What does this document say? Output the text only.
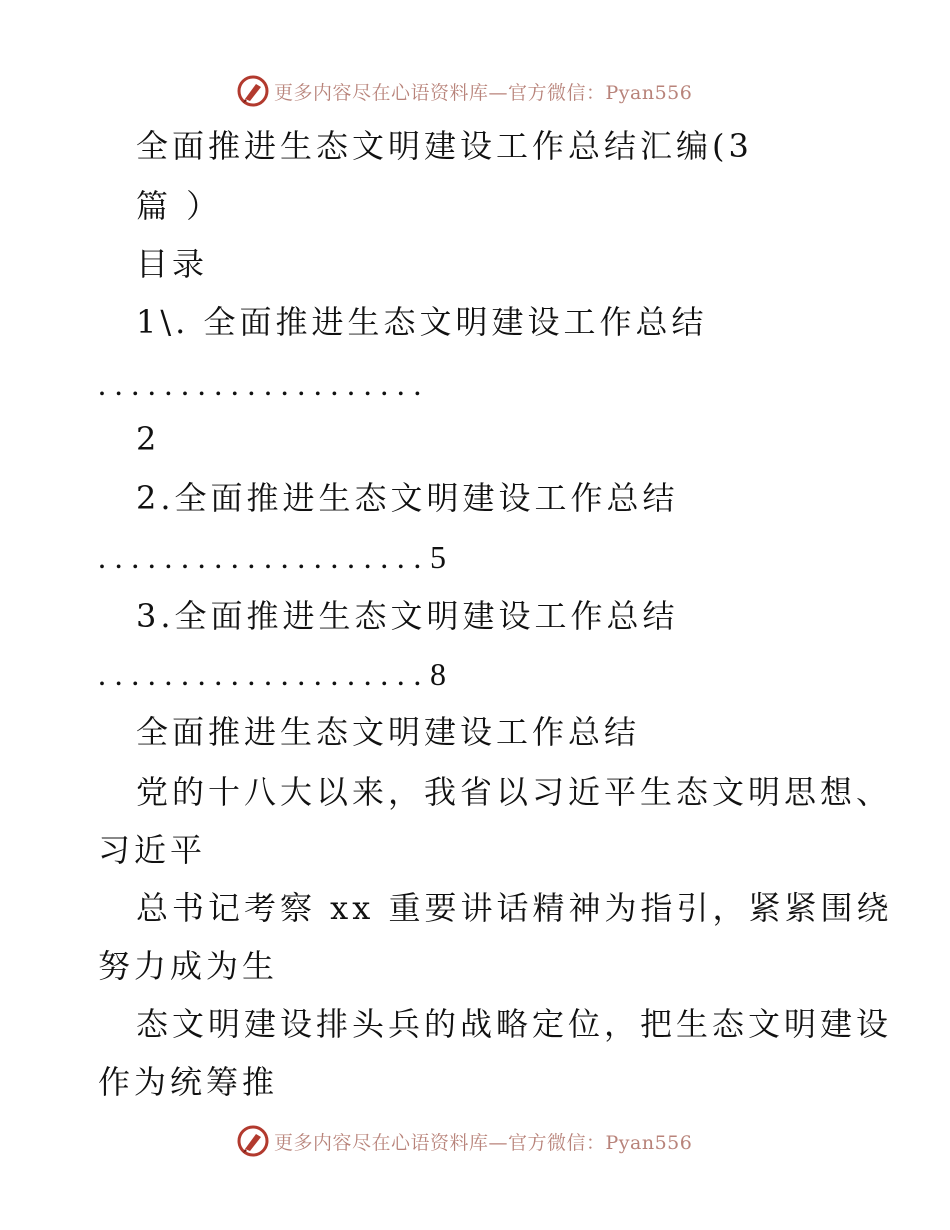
更多内容尽在心语资料库—官方微信：Pyan556
全面推进生态文明建设工作总结汇编(3
篇 ）
目录
1\. 全面推进生态文明建设工作总结
....................
2
2.全面推进生态文明建设工作总结
....................5
3.全面推进生态文明建设工作总结
....................8
全面推进生态文明建设工作总结
党的十八大以来，我省以习近平生态文明思想、
习近平
总书记考察 xx 重要讲话精神为指引，紧紧围绕
努力成为生
态文明建设排头兵的战略定位，把生态文明建设
作为统筹推
更多内容尽在心语资料库—官方微信：Pyan556
